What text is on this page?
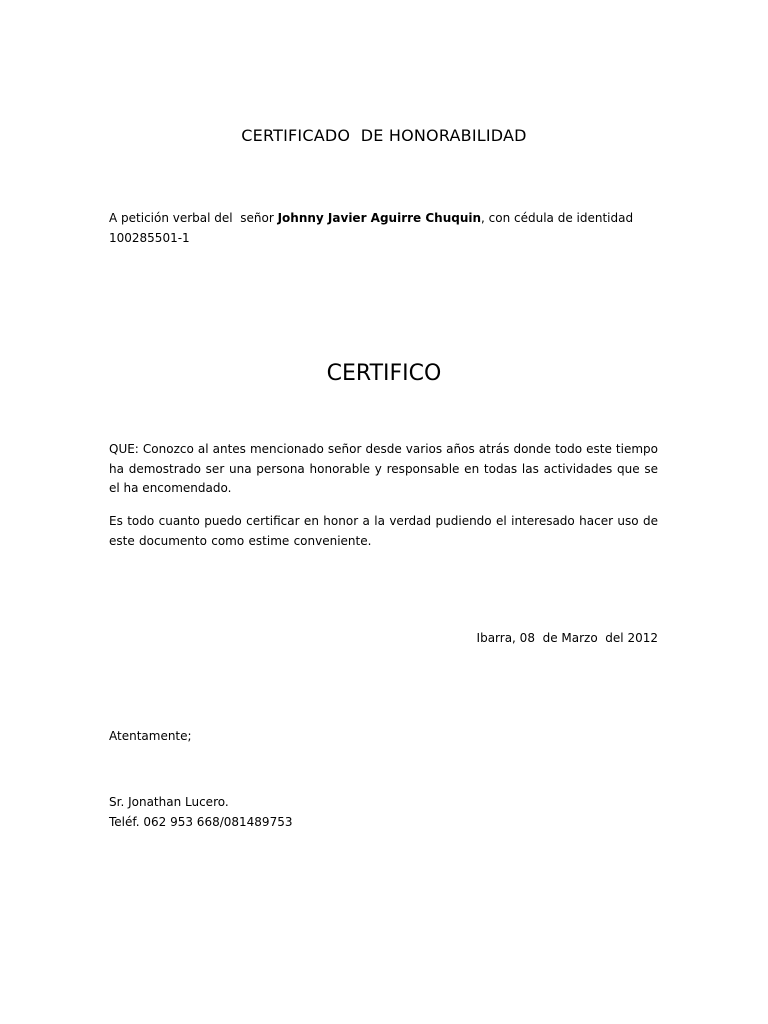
CERTIFICADO  DE HONORABILIDAD
A petición verbal del  señor Johnny Javier Aguirre Chuquin, con cédula de identidad
100285501-1
CERTIFICO
QUE: Conozco al antes mencionado señor desde varios años atrás donde todo este tiempo ha demostrado ser una persona honorable y responsable en todas las actividades que se el ha encomendado.
Es todo cuanto puedo certificar en honor a la verdad pudiendo el interesado hacer uso de este documento como estime conveniente.
Ibarra, 08  de Marzo  del 2012
Atentamente;
Sr. Jonathan Lucero.
Teléf. 062 953 668/081489753
